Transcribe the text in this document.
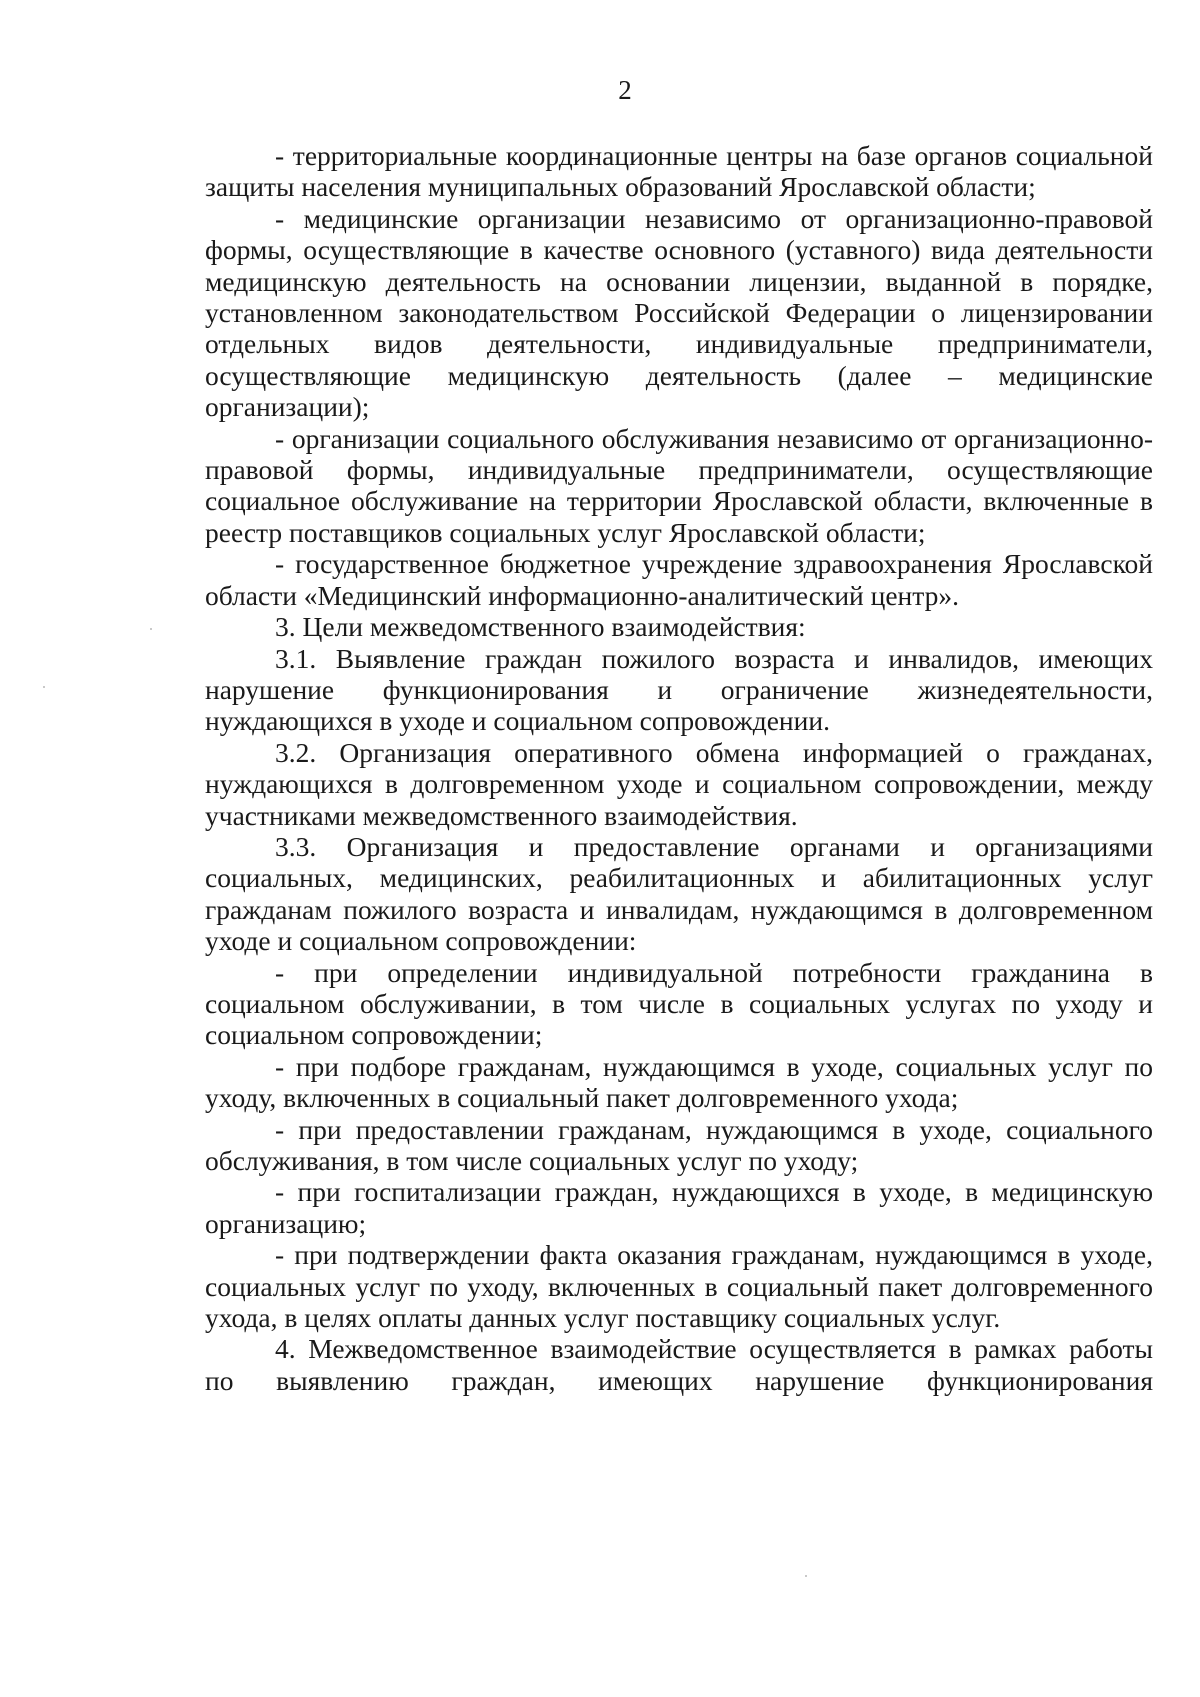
2

- территориальные координационные центры на базе органов социальной защиты населения муниципальных образований Ярославской области;

- медицинские организации независимо от организационно-правовой формы, осуществляющие в качестве основного (уставного) вида деятельности медицинскую деятельность на основании лицензии, выданной в порядке, установленном законодательством Российской Федерации о лицензировании отдельных видов деятельности, индивидуальные предприниматели, осуществляющие медицинскую деятельность (далее – медицинские организации);

- организации социального обслуживания независимо от организационно-правовой формы, индивидуальные предприниматели, осуществляющие социальное обслуживание на территории Ярославской области, включенные в реестр поставщиков социальных услуг Ярославской области;

- государственное бюджетное учреждение здравоохранения Ярославской области «Медицинский информационно-аналитический центр».

3. Цели межведомственного взаимодействия:

3.1. Выявление граждан пожилого возраста и инвалидов, имеющих нарушение функционирования и ограничение жизнедеятельности, нуждающихся в уходе и социальном сопровождении.

3.2. Организация оперативного обмена информацией о гражданах, нуждающихся в долговременном уходе и социальном сопровождении, между участниками межведомственного взаимодействия.

3.3. Организация и предоставление органами и организациями социальных, медицинских, реабилитационных и абилитационных услуг гражданам пожилого возраста и инвалидам, нуждающимся в долговременном уходе и социальном сопровождении:

- при определении индивидуальной потребности гражданина в социальном обслуживании, в том числе в социальных услугах по уходу и социальном сопровождении;

- при подборе гражданам, нуждающимся в уходе, социальных услуг по уходу, включенных в социальный пакет долговременного ухода;

- при предоставлении гражданам, нуждающимся в уходе, социального обслуживания, в том числе социальных услуг по уходу;

- при госпитализации граждан, нуждающихся в уходе, в медицинскую организацию;

- при подтверждении факта оказания гражданам, нуждающимся в уходе, социальных услуг по уходу, включенных в социальный пакет долговременного ухода, в целях оплаты данных услуг поставщику социальных услуг.

4. Межведомственное взаимодействие осуществляется в рамках работы по выявлению граждан, имеющих нарушение функционирования
